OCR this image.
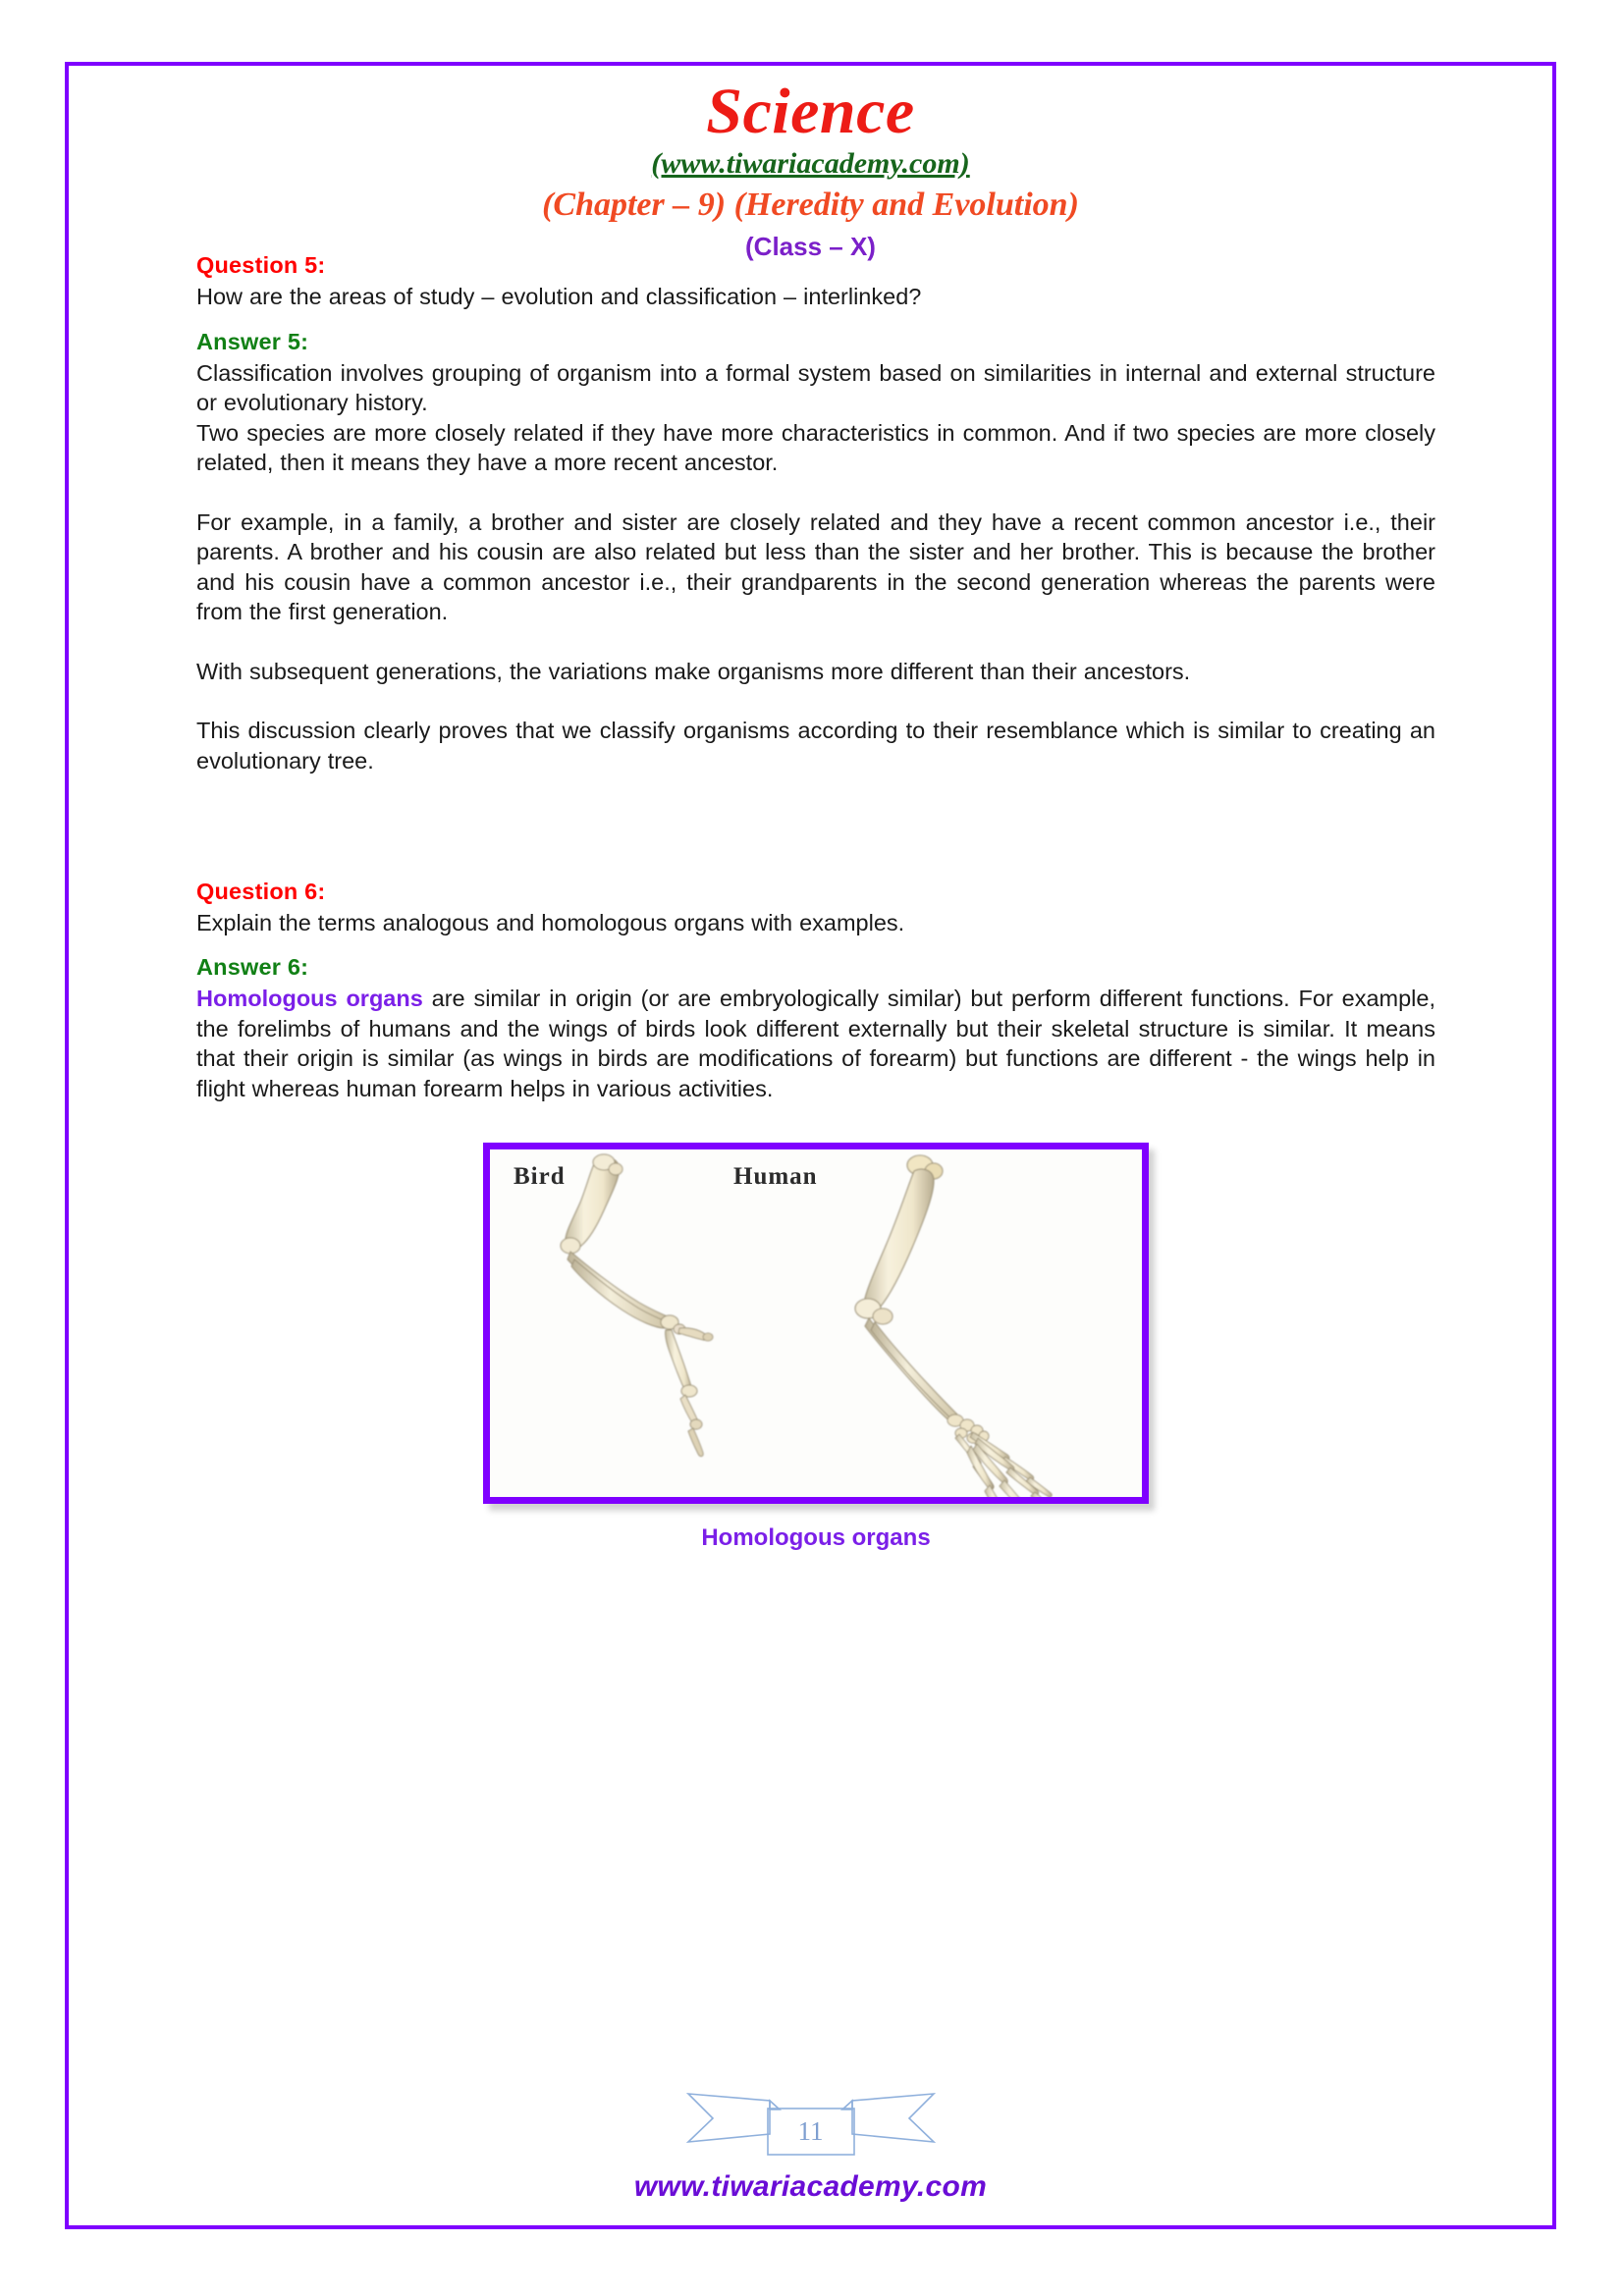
Science
(www.tiwariacademy.com)
(Chapter – 9) (Heredity and Evolution)
(Class – X)
Question 5:
How are the areas of study – evolution and classification – interlinked?
Answer 5:
Classification involves grouping of organism into a formal system based on similarities in internal and external structure or evolutionary history.
Two species are more closely related if they have more characteristics in common. And if two species are more closely related, then it means they have a more recent ancestor.
For example, in a family, a brother and sister are closely related and they have a recent common ancestor i.e., their parents. A brother and his cousin are also related but less than the sister and her brother. This is because the brother and his cousin have a common ancestor i.e., their grandparents in the second generation whereas the parents were from the first generation.
With subsequent generations, the variations make organisms more different than their ancestors.
This discussion clearly proves that we classify organisms according to their resemblance which is similar to creating an evolutionary tree.
Question 6:
Explain the terms analogous and homologous organs with examples.
Answer 6:
Homologous organs are similar in origin (or are embryologically similar) but perform different functions. For example, the forelimbs of humans and the wings of birds look different externally but their skeletal structure is similar. It means that their origin is similar (as wings in birds are modifications of forearm) but functions are different - the wings help in flight whereas human forearm helps in various activities.
Bird	Human
Homologous organs
11
www.tiwariacademy.com
